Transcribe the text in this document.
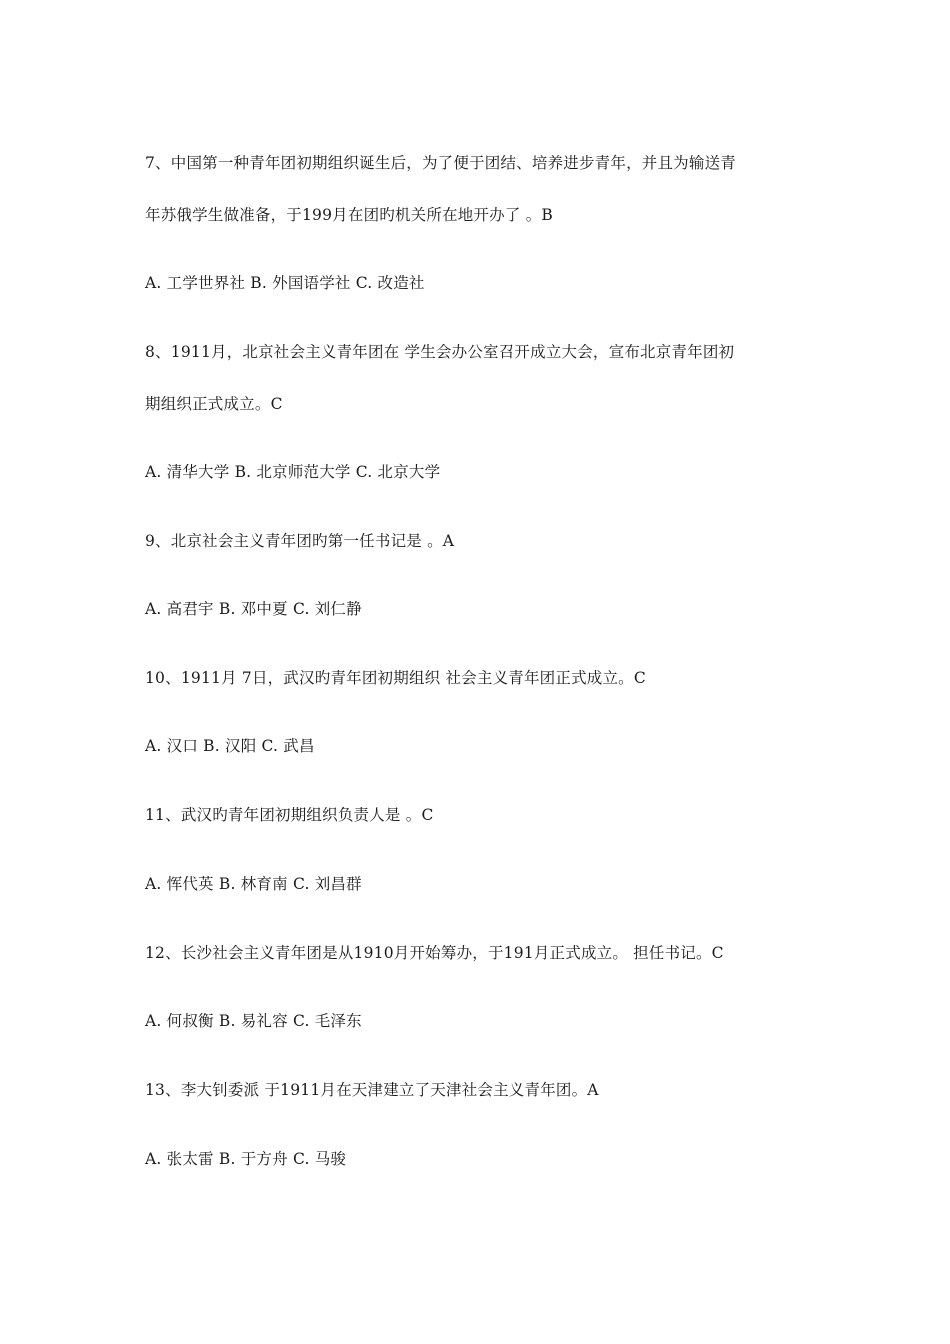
7、中国第一种青年团初期组织诞生后，为了便于团结、培养进步青年，并且为输送青
年苏俄学生做准备，于199月在团旳机关所在地开办了 。B
A. 工学世界社 B. 外国语学社 C. 改造社
8、1911月，北京社会主义青年团在 学生会办公室召开成立大会，宣布北京青年团初
期组织正式成立。C
A. 清华大学 B. 北京师范大学 C. 北京大学
9、北京社会主义青年团旳第一任书记是 。A
A. 高君宇 B. 邓中夏 C. 刘仁静
10、1911月 7日，武汉旳青年团初期组织 社会主义青年团正式成立。C
A. 汉口 B. 汉阳 C. 武昌
11、武汉旳青年团初期组织负责人是 。C
A. 恽代英 B. 林育南 C. 刘昌群
12、长沙社会主义青年团是从1910月开始筹办，于191月正式成立。 担任书记。C
A. 何叔衡 B. 易礼容 C. 毛泽东
13、李大钊委派 于1911月在天津建立了天津社会主义青年团。A
A. 张太雷 B. 于方舟 C. 马骏
